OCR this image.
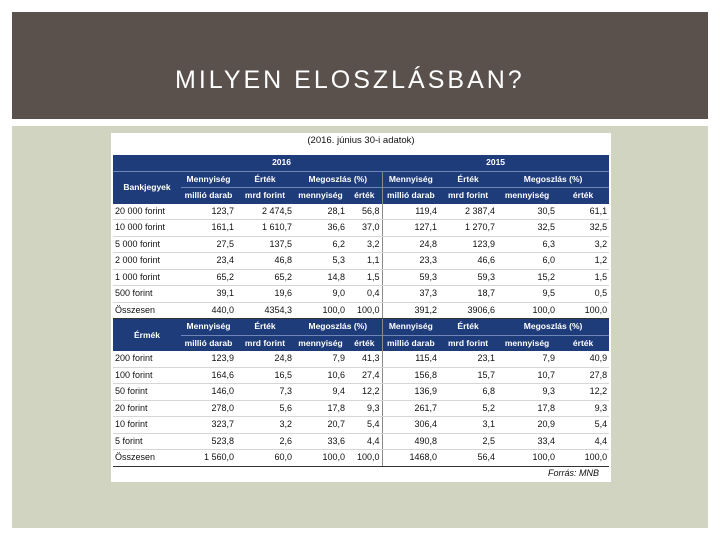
MILYEN ELOSZLÁSBAN?
(2016. június 30-i adatok)
	2016				2015			
Bankjegyek	Mennyiség	Érték	Megoszlás (%)		Mennyiség	Érték	Megoszlás (%)	
	millió darab	mrd forint	mennyiség	érték	millió darab	mrd forint	mennyiség	érték
20 000 forint	123,7	2 474,5	28,1	56,8	119,4	2 387,4	30,5	61,1
10 000 forint	161,1	1 610,7	36,6	37,0	127,1	1 270,7	32,5	32,5
5 000 forint	27,5	137,5	6,2	3,2	24,8	123,9	6,3	3,2
2 000 forint	23,4	46,8	5,3	1,1	23,3	46,6	6,0	1,2
1 000 forint	65,2	65,2	14,8	1,5	59,3	59,3	15,2	1,5
500 forint	39,1	19,6	9,0	0,4	37,3	18,7	9,5	0,5
Összesen	440,0	4354,3	100,0	100,0	391,2	3906,6	100,0	100,0
Érmék	Mennyiség	Érték	Megoszlás (%)		Mennyiség	Érték	Megoszlás (%)	
	millió darab	mrd forint	mennyiség	érték	millió darab	mrd forint	mennyiség	érték
200 forint	123,9	24,8	7,9	41,3	115,4	23,1	7,9	40,9
100 forint	164,6	16,5	10,6	27,4	156,8	15,7	10,7	27,8
50 forint	146,0	7,3	9,4	12,2	136,9	6,8	9,3	12,2
20 forint	278,0	5,6	17,8	9,3	261,7	5,2	17,8	9,3
10 forint	323,7	3,2	20,7	5,4	306,4	3,1	20,9	5,4
5 forint	523,8	2,6	33,6	4,4	490,8	2,5	33,4	4,4
Összesen	1 560,0	60,0	100,0	100,0	1468,0	56,4	100,0	100,0
Forrás: MNB
